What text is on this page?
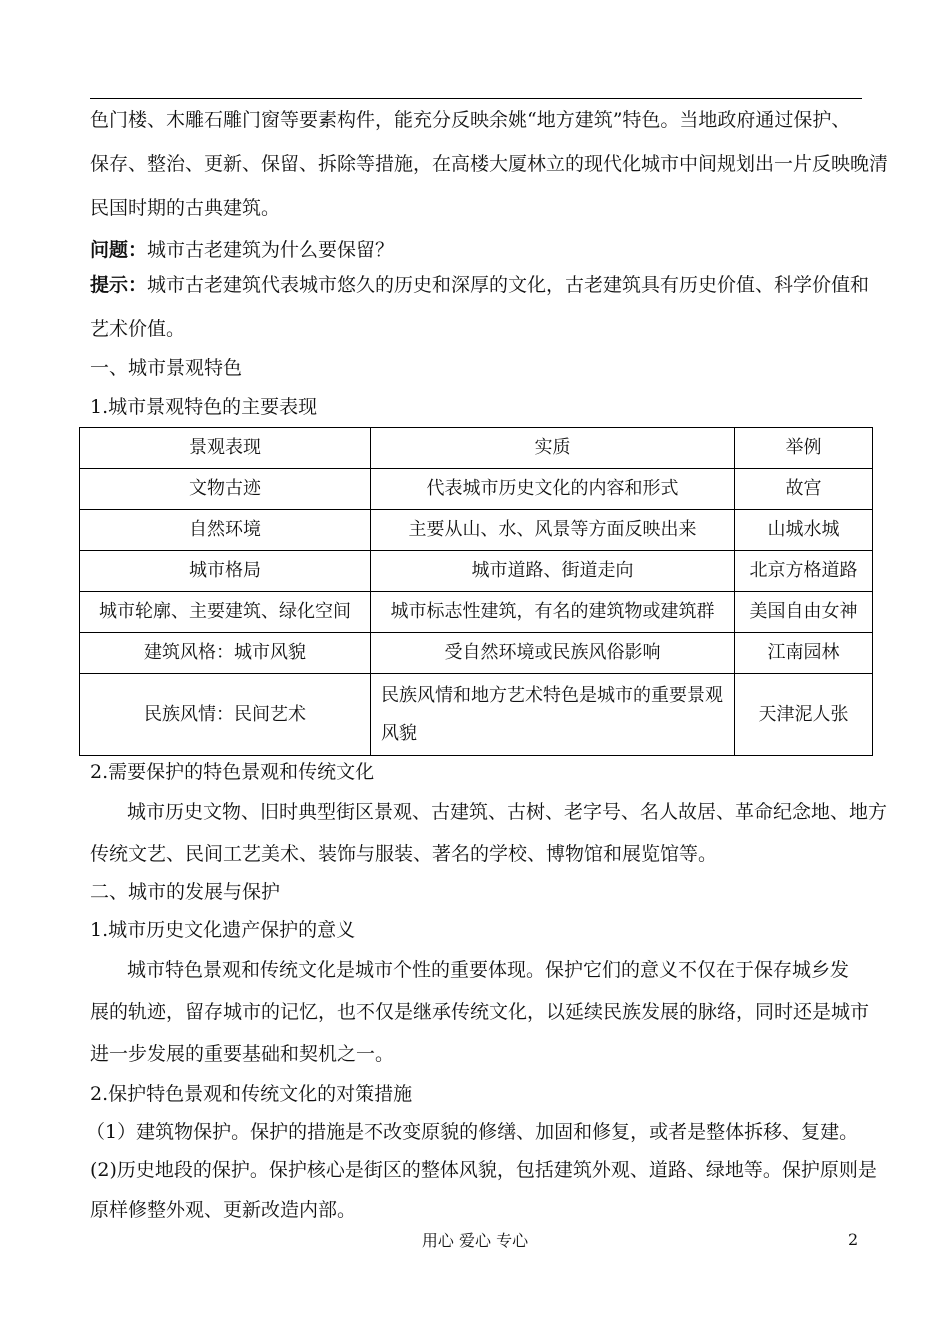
色门楼、木雕石雕门窗等要素构件，能充分反映余姚“地方建筑”特色。当地政府通过保护、
保存、整治、更新、保留、拆除等措施，在高楼大厦林立的现代化城市中间规划出一片反映晚清
民国时期的古典建筑。
问题：城市古老建筑为什么要保留？
提示：城市古老建筑代表城市悠久的历史和深厚的文化，古老建筑具有历史价值、科学价值和
艺术价值。
一、城市景观特色
1.城市景观特色的主要表现
景观表现	实质	举例
文物古迹	代表城市历史文化的内容和形式	故宫
自然环境	主要从山、水、风景等方面反映出来	山城水城
城市格局	城市道路、街道走向	北京方格道路
城市轮廓、主要建筑、绿化空间	城市标志性建筑，有名的建筑物或建筑群	美国自由女神
建筑风格：城市风貌	受自然环境或民族风俗影响	江南园林
民族风情：民间艺术	民族风情和地方艺术特色是城市的重要景观风貌	天津泥人张
2.需要保护的特色景观和传统文化
城市历史文物、旧时典型街区景观、古建筑、古树、老字号、名人故居、革命纪念地、地方
传统文艺、民间工艺美术、装饰与服装、著名的学校、博物馆和展览馆等。
二、城市的发展与保护
1.城市历史文化遗产保护的意义
城市特色景观和传统文化是城市个性的重要体现。保护它们的意义不仅在于保存城乡发
展的轨迹，留存城市的记忆，也不仅是继承传统文化，以延续民族发展的脉络，同时还是城市
进一步发展的重要基础和契机之一。
2.保护特色景观和传统文化的对策措施
（1）建筑物保护。保护的措施是不改变原貌的修缮、加固和修复，或者是整体拆移、复建。
(2)历史地段的保护。保护核心是街区的整体风貌，包括建筑外观、道路、绿地等。保护原则是
原样修整外观、更新改造内部。
用心 爱心 专心	2
